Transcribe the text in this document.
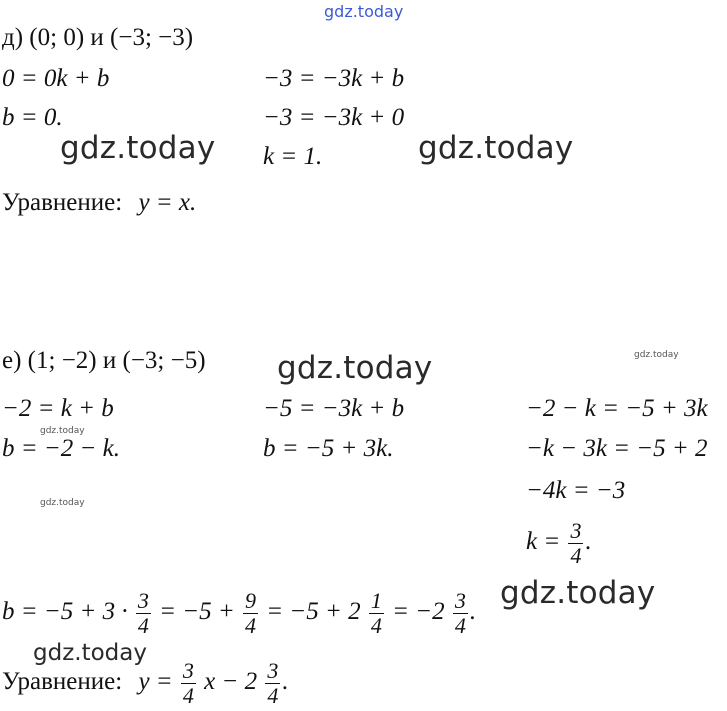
gdz.today
gdz.today	gdz.today
gdz.today
gdz.today
gdz.today
gdz.today
gdz.today
gdz.today
д) (0; 0) и (−3; −3)
0 = 0k + b
b = 0.
−3 = −3k + b
−3 = −3k + 0
k = 1.
Уравнение: y = x.
е) (1; −2) и (−3; −5)
−2 = k + b
b = −2 − k.
−5 = −3k + b
b = −5 + 3k.
−2 − k = −5 + 3k
−k − 3k = −5 + 2
−4k = −3
$k = \frac{3}{4}$ .
$b = -5 + 3 \cdot \frac{3}{4} = -5 + \frac{9}{4} = -5 + 2 \frac{1}{4} = -2 \frac{3}{4}$ .
Уравнение: $y = \frac{3}{4}$ $x - 2 \frac{3}{4}$ .
